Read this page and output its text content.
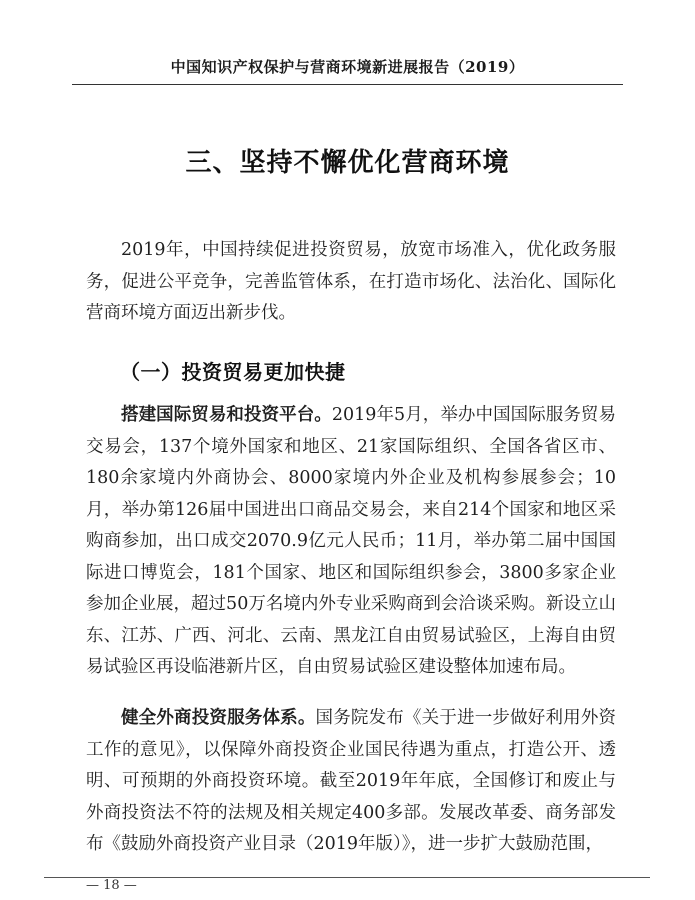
中国知识产权保护与营商环境新进展报告（2019）
三、坚持不懈优化营商环境

2019年，中国持续促进投资贸易，放宽市场准入，优化政务服务，促进公平竞争，完善监管体系，在打造市场化、法治化、国际化营商环境方面迈出新步伐。

（一）投资贸易更加快捷

搭建国际贸易和投资平台。2019年5月，举办中国国际服务贸易交易会，137个境外国家和地区、21家国际组织、全国各省区市、180余家境内外商协会、8000家境内外企业及机构参展参会；10月，举办第126届中国进出口商品交易会，来自214个国家和地区采购商参加，出口成交2070.9亿元人民币；11月，举办第二届中国国际进口博览会，181个国家、地区和国际组织参会，3800多家企业参加企业展，超过50万名境内外专业采购商到会洽谈采购。新设立山东、江苏、广西、河北、云南、黑龙江自由贸易试验区，上海自由贸易试验区再设临港新片区，自由贸易试验区建设整体加速布局。

健全外商投资服务体系。国务院发布《关于进一步做好利用外资工作的意见》，以保障外商投资企业国民待遇为重点，打造公开、透明、可预期的外商投资环境。截至2019年年底，全国修订和废止与外商投资法不符的法规及相关规定400多部。发展改革委、商务部发布《鼓励外商投资产业目录（2019年版）》，进一步扩大鼓励范围，

— 18 —
